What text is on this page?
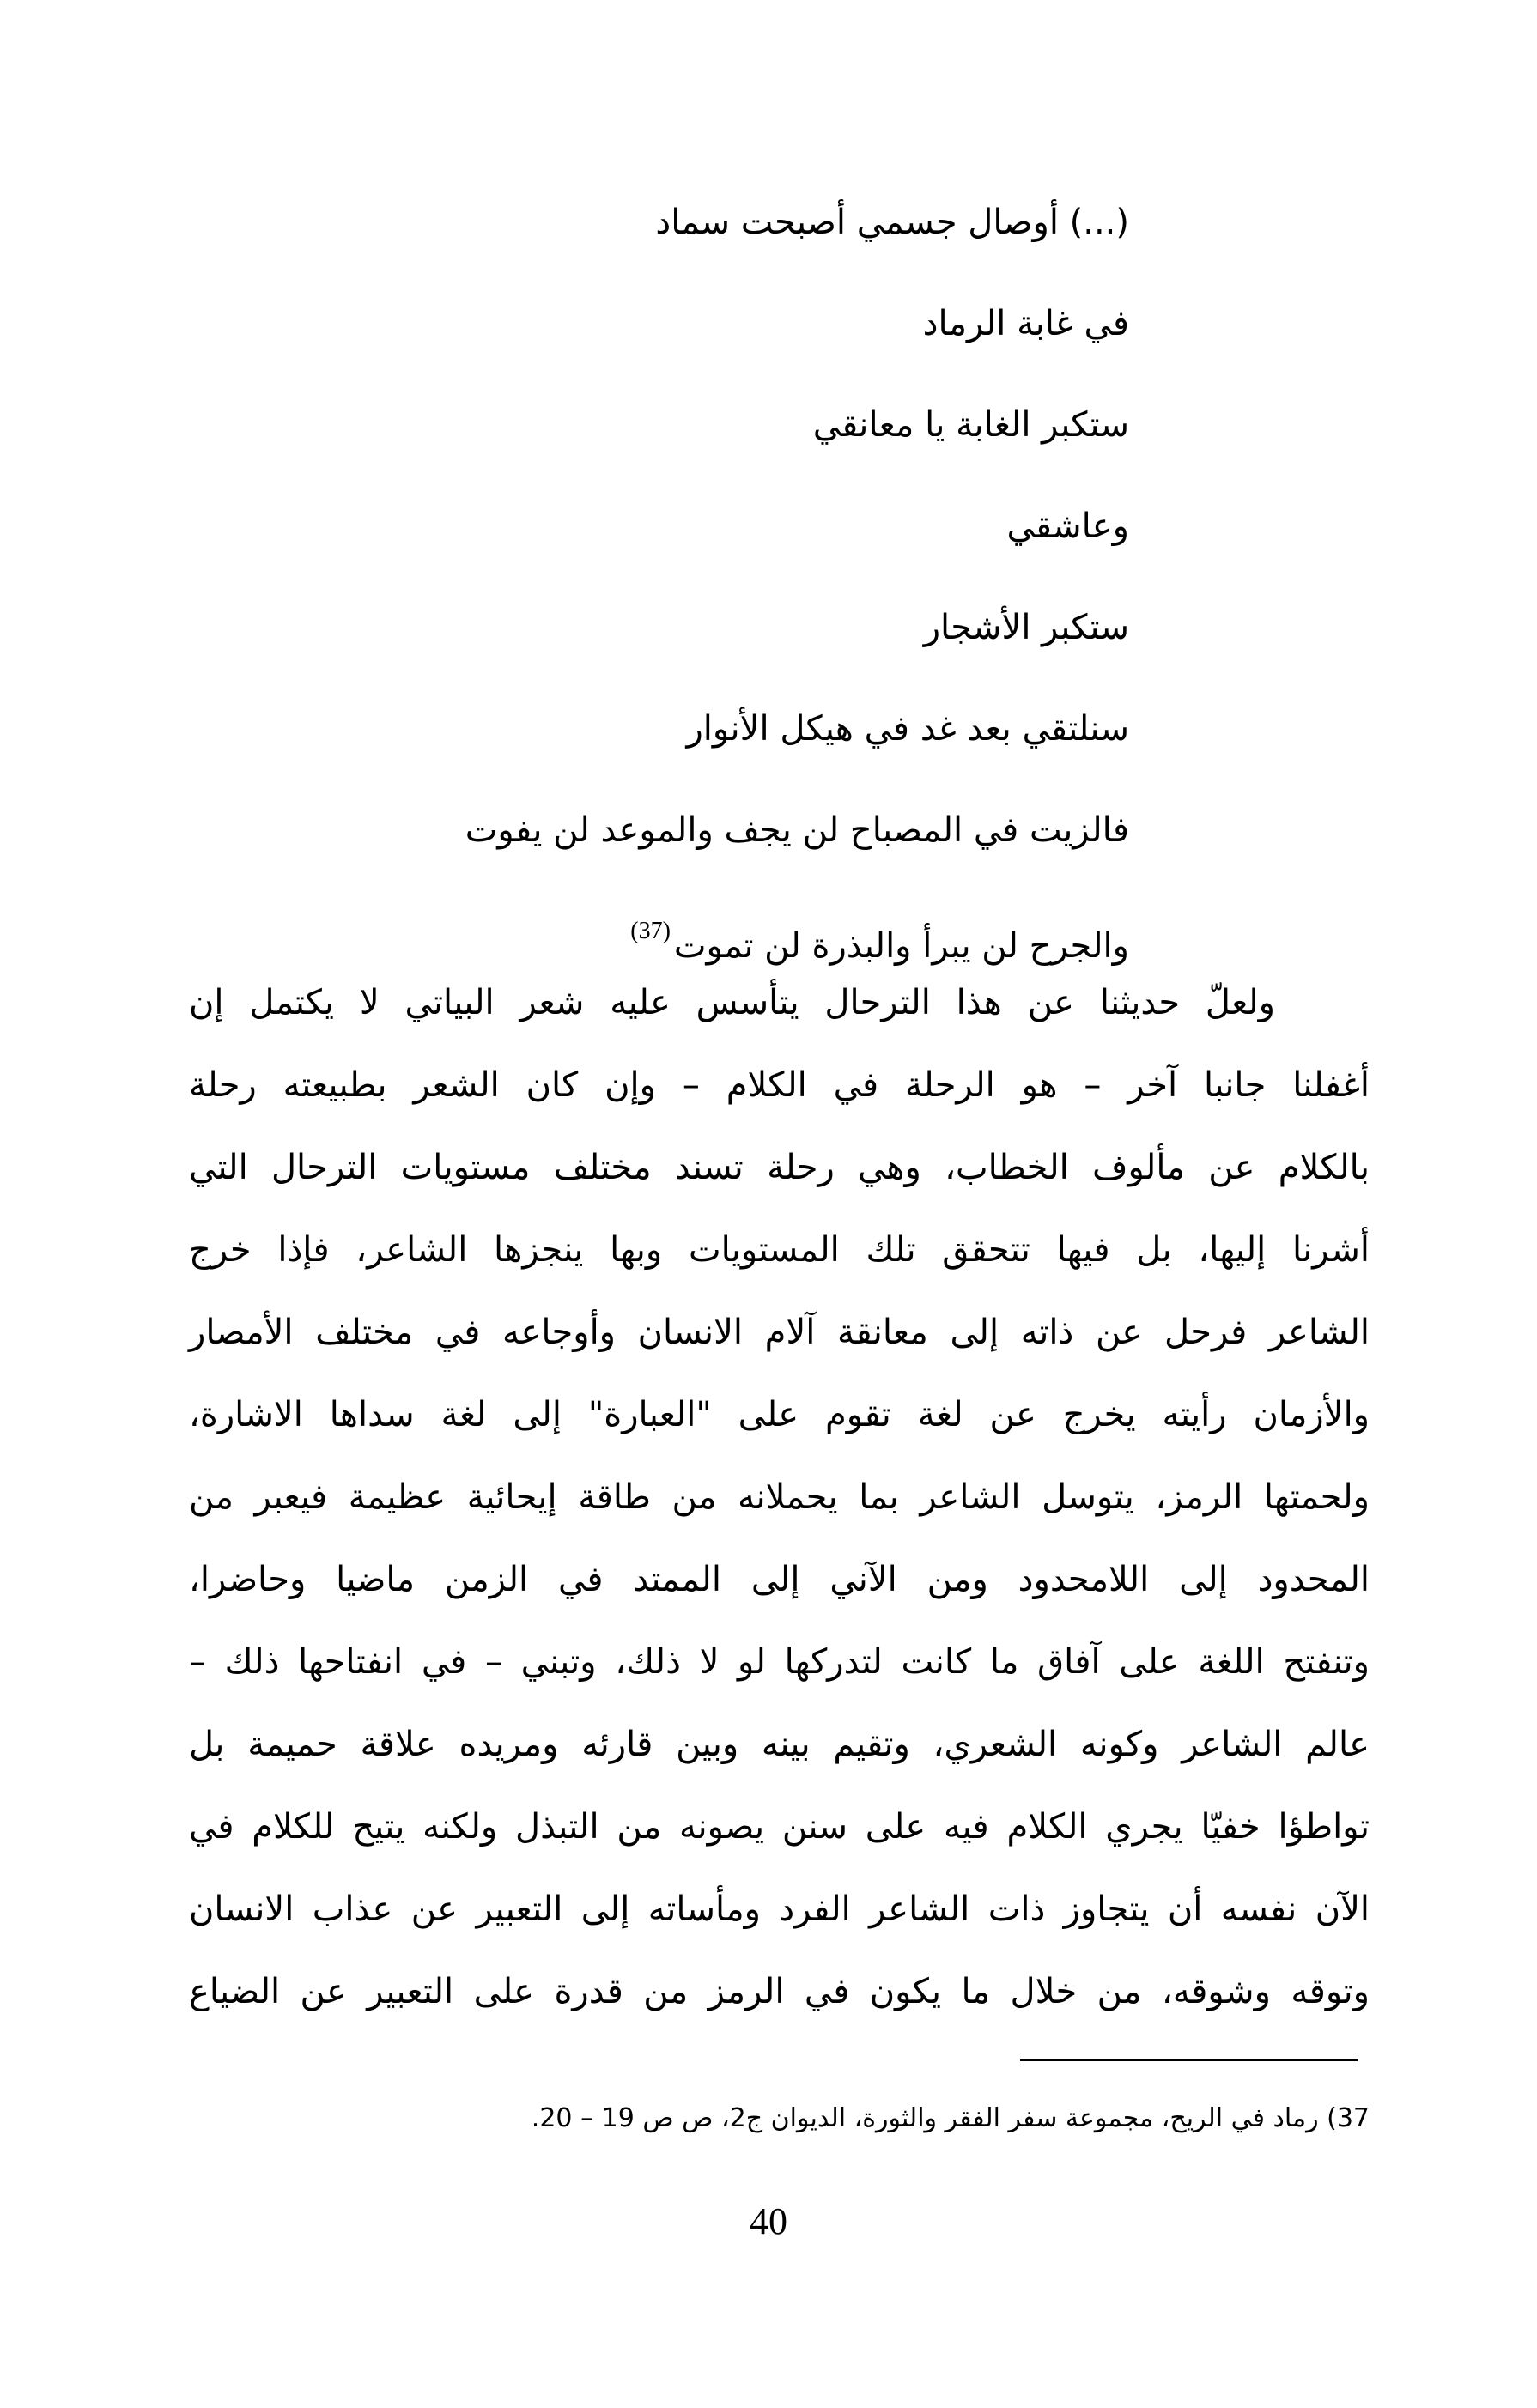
(...) أوصال جسمي أصبحت سماد
في غابة الرماد
ستكبر الغابة يا معانقي
وعاشقي
ستكبر الأشجار
سنلتقي بعد غد في هيكل الأنوار
فالزيت في المصباح لن يجف والموعد لن يفوت
والجرح لن يبرأ والبذرة لن تموت$^{(37)}$
ولعلّ حديثنا عن هذا الترحال يتأسس عليه شعر البياتي لا يكتمل إن
أغفلنا جانبا آخر – هو الرحلة في الكلام – وإن كان الشعر بطبيعته رحلة
بالكلام عن مألوف الخطاب، وهي رحلة تسند مختلف مستويات الترحال التي
أشرنا إليها، بل فيها تتحقق تلك المستويات وبها ينجزها الشاعر، فإذا خرج
الشاعر فرحل عن ذاته إلى معانقة آلام الانسان وأوجاعه في مختلف الأمصار
والأزمان رأيته يخرج عن لغة تقوم على "العبارة" إلى لغة سداها الاشارة،
ولحمتها الرمز، يتوسل الشاعر بما يحملانه من طاقة إيحائية عظيمة فيعبر من
المحدود إلى اللامحدود ومن الآني إلى الممتد في الزمن ماضيا وحاضرا،
وتنفتح اللغة على آفاق ما كانت لتدركها لو لا ذلك، وتبني – في انفتاحها ذلك –
عالم الشاعر وكونه الشعري، وتقيم بينه وبين قارئه ومريده علاقة حميمة بل
تواطؤا خفيّا يجري الكلام فيه على سنن يصونه من التبذل ولكنه يتيح للكلام في
الآن نفسه أن يتجاوز ذات الشاعر الفرد ومأساته إلى التعبير عن عذاب الانسان
وتوقه وشوقه، من خلال ما يكون في الرمز من قدرة على التعبير عن الضياع
37) رماد في الريح، مجموعة سفر الفقر والثورة، الديوان ج2، ص ص 19 – 20.
40
